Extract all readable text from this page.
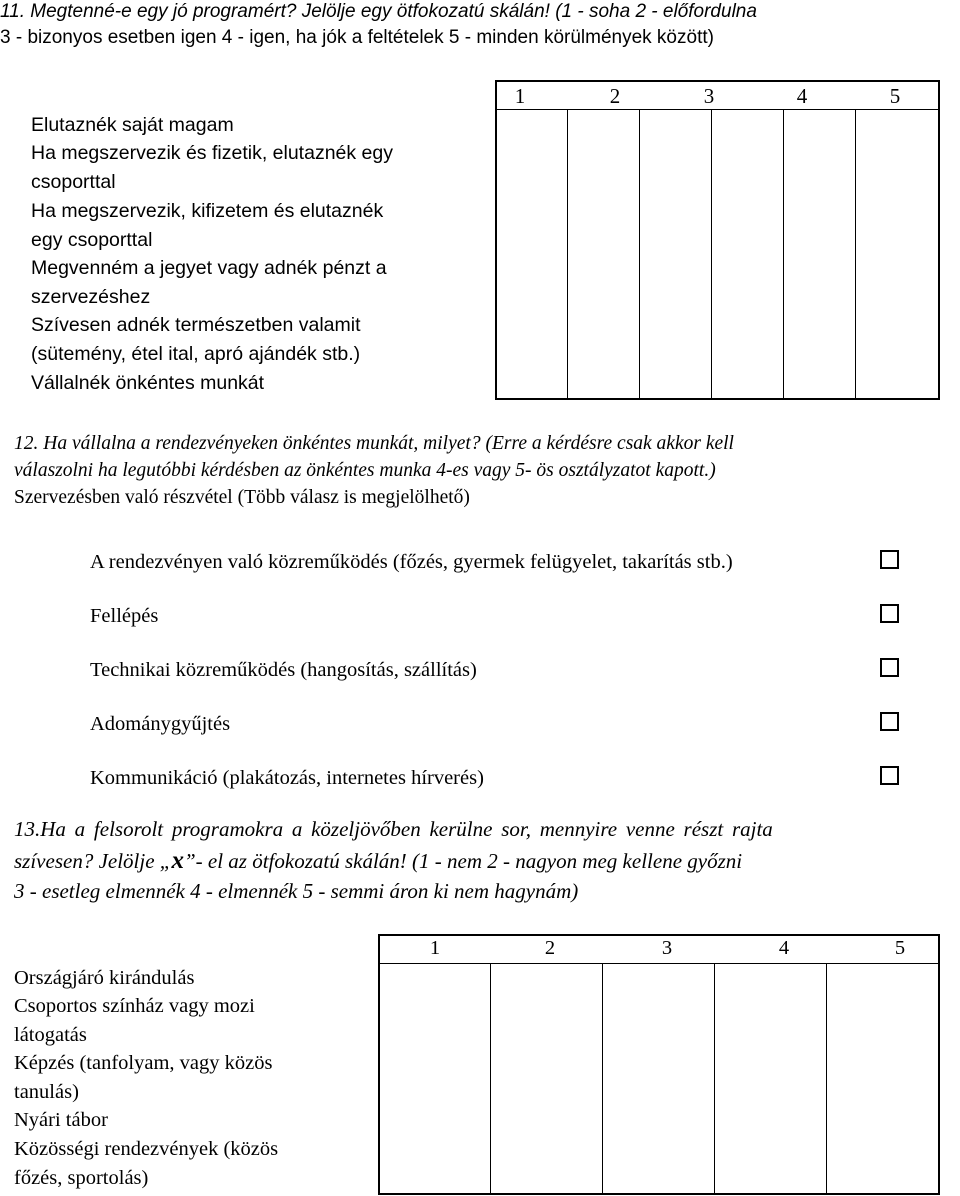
11. Megtenné-e egy jó programért? Jelölje egy ötfokozatú skálán! (1 - soha 2 - előfordulna
3 - bizonyos esetben igen 4 - igen, ha jók a feltételek 5 - minden körülmények között)
1	2	3	4	5
Elutaznék saját magam
Ha megszervezik és fizetik, elutaznék egy
csoporttal
Ha megszervezik, kifizetem és elutaznék
egy csoporttal
Megvenném a jegyet vagy adnék pénzt a
szervezéshez
Szívesen adnék természetben valamit
(sütemény, étel ital, apró ajándék stb.)
Vállalnék önkéntes munkát
12. Ha vállalna a rendezvényeken önkéntes munkát, milyet? (Erre a kérdésre csak akkor kell
válaszolni ha legutóbbi kérdésben az önkéntes munka 4-es vagy 5- ös osztályzatot kapott.)
Szervezésben való részvétel (Több válasz is megjelölhető)
A rendezvényen való közreműködés (főzés, gyermek felügyelet, takarítás stb.)
Fellépés
Technikai közreműködés (hangosítás, szállítás)
Adománygyűjtés
Kommunikáció (plakátozás, internetes hírverés)
13.Ha a felsorolt programokra a közeljövőben kerülne sor, mennyire venne részt rajta
szívesen? Jelölje „x”- el az ötfokozatú skálán! (1 - nem 2 - nagyon meg kellene győzni
3 - esetleg elmennék 4 - elmennék 5 - semmi áron ki nem hagynám)
1	2	3	4	5
Országjáró kirándulás
Csoportos színház vagy mozi
látogatás
Képzés (tanfolyam, vagy közös
tanulás)
Nyári tábor
Közösségi rendezvények (közös
főzés, sportolás)
